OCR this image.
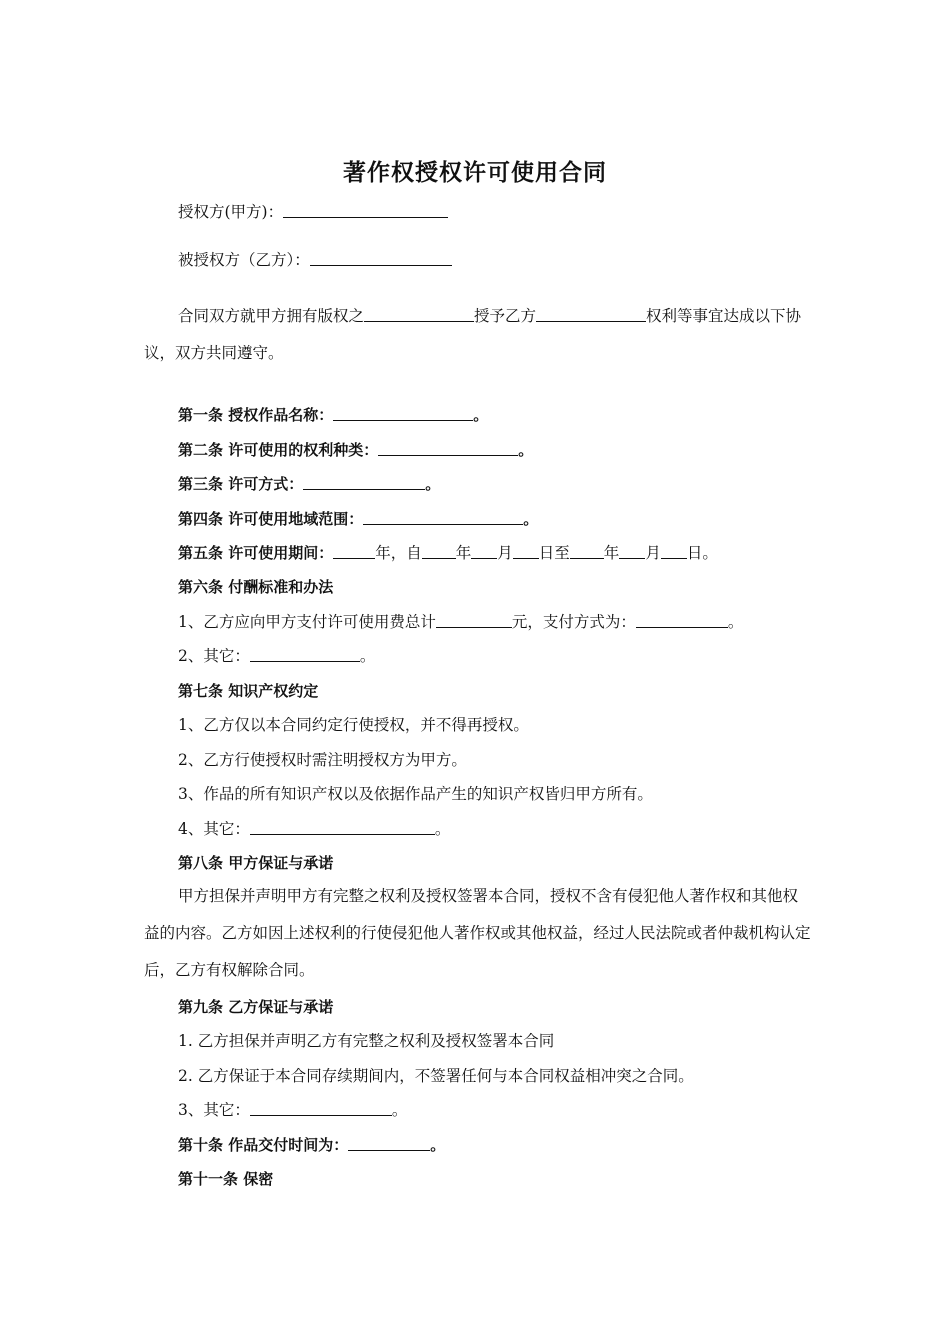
著作权授权许可使用合同
授权方(甲方)：
被授权方（乙方）：
合同双方就甲方拥有版权之	授予乙方	权利等事宜达成以下协议，双方共同遵守。
第一条 授权作品名称：	。
第二条 许可使用的权利种类：	。
第三条 许可方式：	。
第四条 许可使用地域范围：	。
第五条 许可使用期间：	年，自 年 月 日至 年 月 日。
第六条 付酬标准和办法
1、乙方应向甲方支付许可使用费总计	元，支付方式为：	。
2、其它：	。
第七条 知识产权约定
1、乙方仅以本合同约定行使授权，并不得再授权。
2、乙方行使授权时需注明授权方为甲方。
3、作品的所有知识产权以及依据作品产生的知识产权皆归甲方所有。
4、其它：	。
第八条 甲方保证与承诺
甲方担保并声明甲方有完整之权利及授权签署本合同，授权不含有侵犯他人著作权和其他权益的内容。乙方如因上述权利的行使侵犯他人著作权或其他权益，经过人民法院或者仲裁机构认定后，乙方有权解除合同。
第九条 乙方保证与承诺
1. 乙方担保并声明乙方有完整之权利及授权签署本合同
2. 乙方保证于本合同存续期间内，不签署任何与本合同权益相冲突之合同。
3、其它：	。
第十条 作品交付时间为：	。
第十一条 保密
